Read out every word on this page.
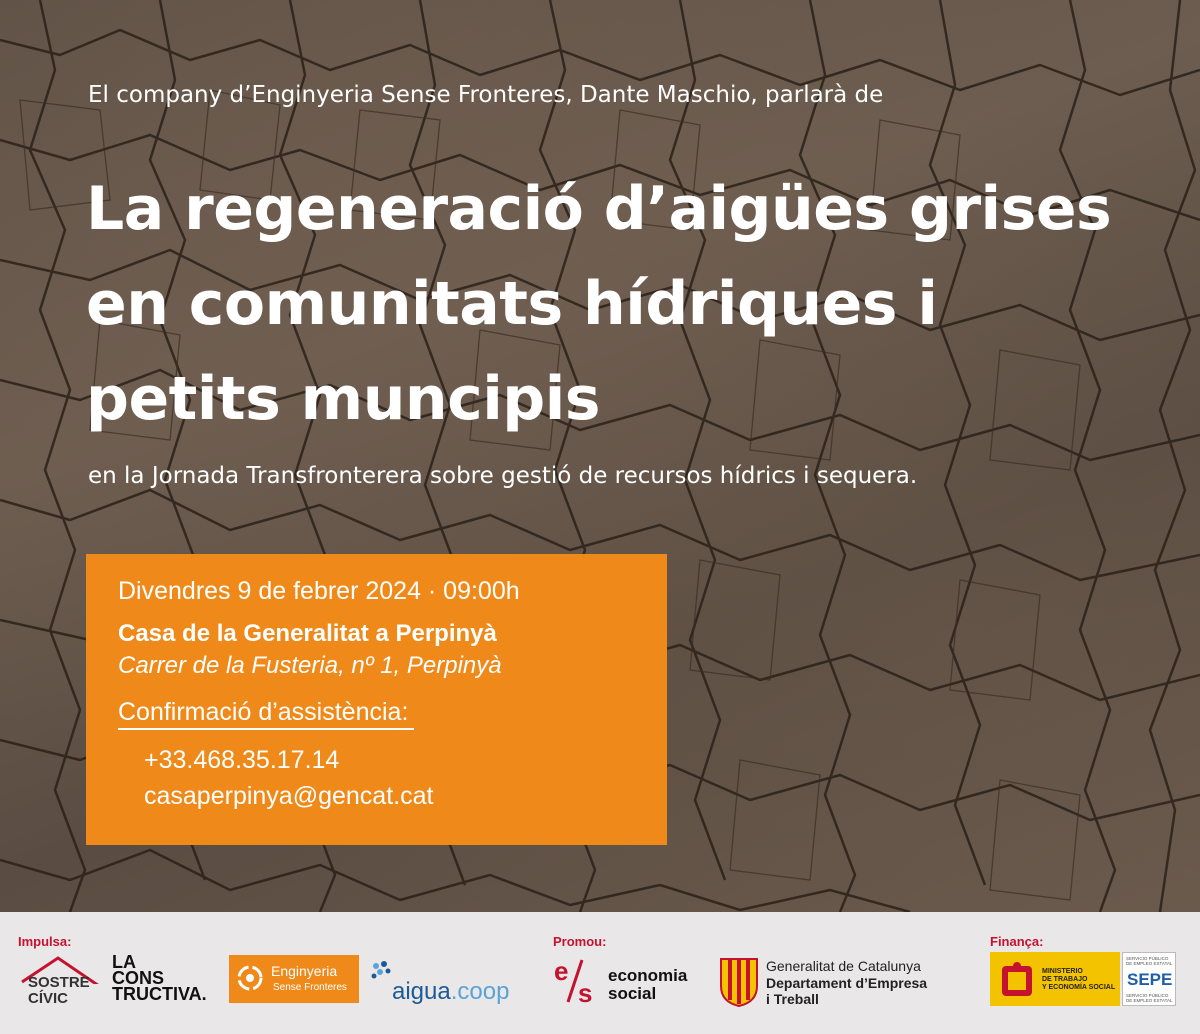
El company d’Enginyeria Sense Fronteres, Dante Maschio, parlarà de
La regeneració d’aigües grises
en comunitats hídriques i
petits muncipis
en la Jornada Transfronterera sobre gestió de recursos hídrics i sequera.
Divendres 9 de febrer 2024 · 09:00h
Casa de la Generalitat a Perpinyà
Carrer de la Fusteria, nº 1, Perpinyà
Confirmació d’assistència:
+33.468.35.17.14
casaperpinya@gencat.cat
Impulsa:	Promou:	Finança:
SOSTRE
CÍVIC
LA
CONS
TRUCTIVA.
Enginyeria
Sense Fronteres aigua.coop
e
s
economia
social
Generalitat de Catalunya
Departament d’Empresa
i Treball
MINISTERIO
DE TRABAJO
Y ECONOMÍA SOCIAL
SERVICIO PÚBLICO DE EMPLEO ESTATAL
SEPE
SERVICIO PÚBLICO DE EMPLEO ESTATAL
